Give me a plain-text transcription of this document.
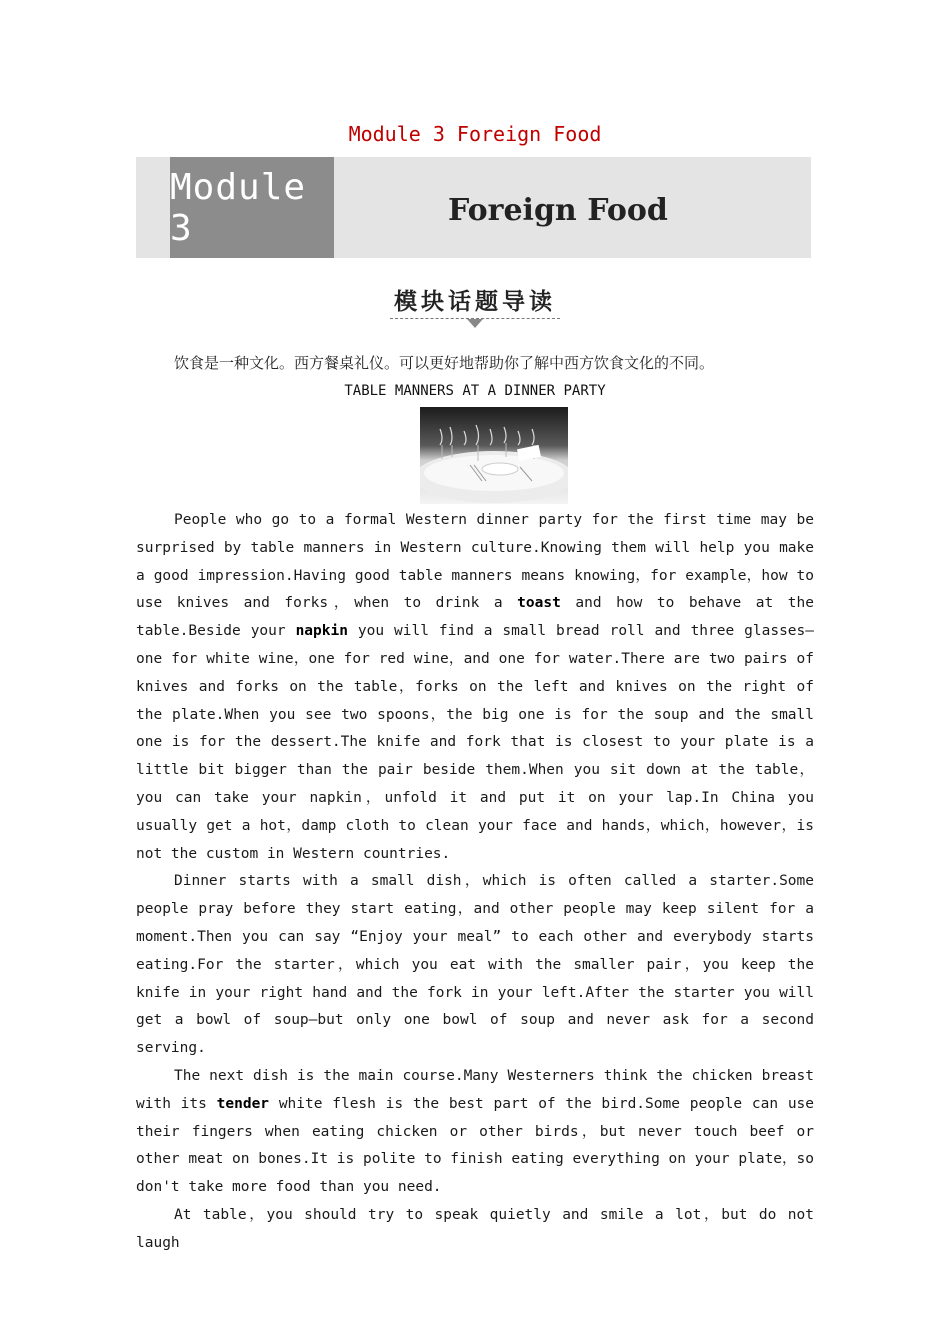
Module 3 Foreign Food
Module 3	Foreign Food
模块话题导读
饮食是一种文化。西方餐桌礼仪。可以更好地帮助你了解中西方饮食文化的不同。
TABLE MANNERS AT A DINNER PARTY

People who go to a formal Western dinner party for the first time may be surprised by table manners in Western culture.Knowing them will help you make a good impression.Having good table manners means knowing，for example，how to use knives and forks，when to drink a toast and how to behave at the table.Beside your napkin you will find a small bread roll and three glasses—one for white wine，one for red wine，and one for water.There are two pairs of knives and forks on the table，forks on the left and knives on the right of the plate.When you see two spoons，the big one is for the soup and the small one is for the dessert.The knife and fork that is closest to your plate is a little bit bigger than the pair beside them.When you sit down at the table，you can take your napkin，unfold it and put it on your lap.In China you usually get a hot，damp cloth to clean your face and hands，which，however，is not the custom in Western countries.

Dinner starts with a small dish，which is often called a starter.Some people pray before they start eating，and other people may keep silent for a moment.Then you can say “Enjoy your meal” to each other and everybody starts eating.For the starter，which you eat with the smaller pair，you keep the knife in your right hand and the fork in your left.After the starter you will get a bowl of soup—but only one bowl of soup and never ask for a second serving.

The next dish is the main course.Many Westerners think the chicken breast with its tender white flesh is the best part of the bird.Some people can use their fingers when eating chicken or other birds，but never touch beef or other meat on bones.It is polite to finish eating everything on your plate，so don't take more food than you need.

At table，you should try to speak quietly and smile a lot，but do not laugh
